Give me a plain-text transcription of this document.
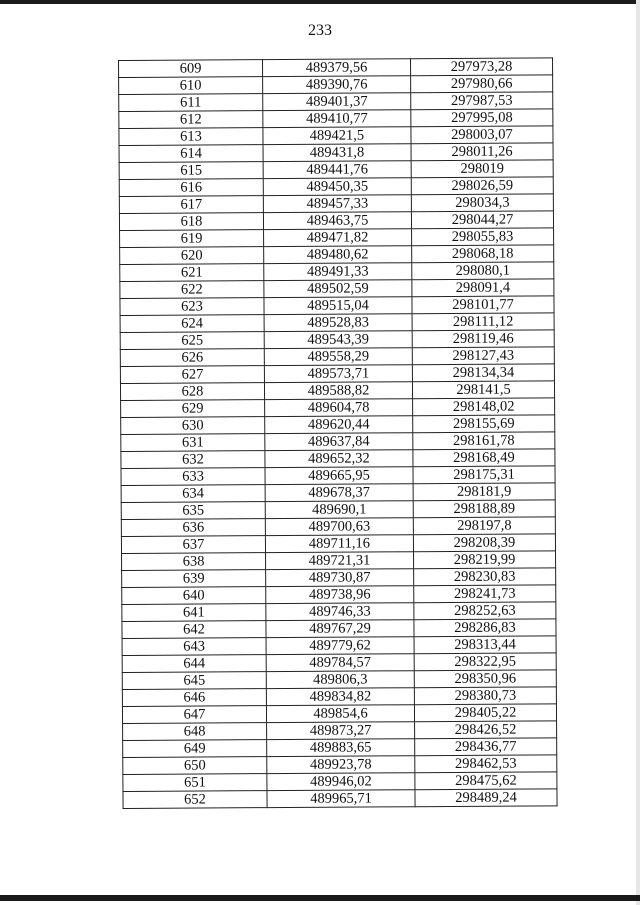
233
609	489379,56	297973,28
610	489390,76	297980,66
611	489401,37	297987,53
612	489410,77	297995,08
613	489421,5	298003,07
614	489431,8	298011,26
615	489441,76	298019
616	489450,35	298026,59
617	489457,33	298034,3
618	489463,75	298044,27
619	489471,82	298055,83
620	489480,62	298068,18
621	489491,33	298080,1
622	489502,59	298091,4
623	489515,04	298101,77
624	489528,83	298111,12
625	489543,39	298119,46
626	489558,29	298127,43
627	489573,71	298134,34
628	489588,82	298141,5
629	489604,78	298148,02
630	489620,44	298155,69
631	489637,84	298161,78
632	489652,32	298168,49
633	489665,95	298175,31
634	489678,37	298181,9
635	489690,1	298188,89
636	489700,63	298197,8
637	489711,16	298208,39
638	489721,31	298219,99
639	489730,87	298230,83
640	489738,96	298241,73
641	489746,33	298252,63
642	489767,29	298286,83
643	489779,62	298313,44
644	489784,57	298322,95
645	489806,3	298350,96
646	489834,82	298380,73
647	489854,6	298405,22
648	489873,27	298426,52
649	489883,65	298436,77
650	489923,78	298462,53
651	489946,02	298475,62
652	489965,71	298489,24
